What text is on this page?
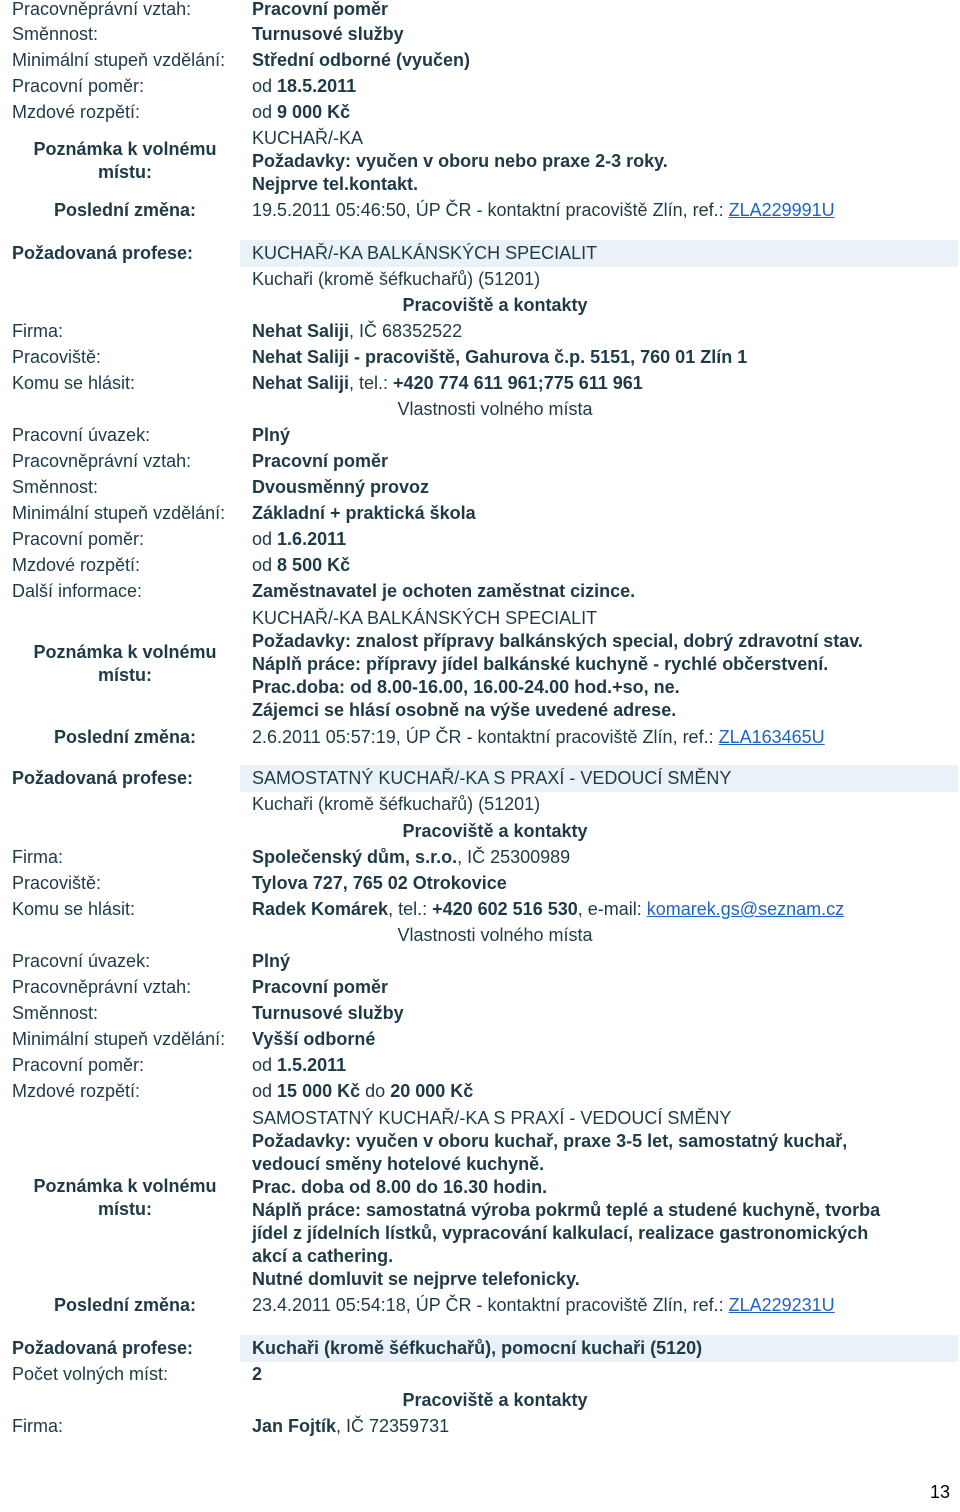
Pracovněprávní vztah:	Pracovní poměr
Směnnost:	Turnusové služby
Minimální stupeň vzdělání: Střední odborné (vyučen)
Pracovní poměr:	od 18.5.2011
Mzdové rozpětí:	od 9 000 Kč
Poznámka k volnému
místu:
KUCHAŘ/-KA
Požadavky: vyučen v oboru nebo praxe 2-3 roky.
Nejprve tel.kontakt.
Poslední změna:	19.5.2011 05:46:50, ÚP ČR - kontaktní pracoviště Zlín, ref.: ZLA229991U
Požadovaná profese:	KUCHAŘ/-KA BALKÁNSKÝCH SPECIALIT
Kuchaři (kromě šéfkuchařů) (51201)
Pracoviště a kontakty
Firma:	Nehat Saliji, IČ 68352522
Pracoviště:	Nehat Saliji - pracoviště, Gahurova č.p. 5151, 760 01 Zlín 1
Komu se hlásit:	Nehat Saliji, tel.: +420 774 611 961;775 611 961
Vlastnosti volného místa
Pracovní úvazek:	Plný
Pracovněprávní vztah:	Pracovní poměr
Směnnost:	Dvousměnný provoz
Minimální stupeň vzdělání: Základní + praktická škola
Pracovní poměr:	od 1.6.2011
Mzdové rozpětí:	od 8 500 Kč
Další informace:	Zaměstnavatel je ochoten zaměstnat cizince.
Poznámka k volnému
místu:
KUCHAŘ/-KA BALKÁNSKÝCH SPECIALIT
Požadavky: znalost přípravy balkánských special, dobrý zdravotní stav.
Náplň práce: přípravy jídel balkánské kuchyně - rychlé občerstvení.
Prac.doba: od 8.00-16.00, 16.00-24.00 hod.+so, ne.
Zájemci se hlásí osobně na výše uvedené adrese.
Poslední změna:	2.6.2011 05:57:19, ÚP ČR - kontaktní pracoviště Zlín, ref.: ZLA163465U
Požadovaná profese:	SAMOSTATNÝ KUCHAŘ/-KA S PRAXÍ - VEDOUCÍ SMĚNY
Kuchaři (kromě šéfkuchařů) (51201)
Pracoviště a kontakty
Firma:	Společenský dům, s.r.o., IČ 25300989
Pracoviště:	Tylova 727, 765 02 Otrokovice
Komu se hlásit:	Radek Komárek, tel.: +420 602 516 530, e-mail: komarek.gs@seznam.cz
Vlastnosti volného místa
Pracovní úvazek:	Plný
Pracovněprávní vztah:	Pracovní poměr
Směnnost:	Turnusové služby
Minimální stupeň vzdělání: Vyšší odborné
Pracovní poměr:	od 1.5.2011
Mzdové rozpětí:	od 15 000 Kč do 20 000 Kč
Poznámka k volnému
místu:
SAMOSTATNÝ KUCHAŘ/-KA S PRAXÍ - VEDOUCÍ SMĚNY
Požadavky: vyučen v oboru kuchař, praxe 3-5 let, samostatný kuchař,
vedoucí směny hotelové kuchyně.
Prac. doba od 8.00 do 16.30 hodin.
Náplň práce: samostatná výroba pokrmů teplé a studené kuchyně, tvorba
jídel z jídelních lístků, vypracování kalkulací, realizace gastronomických
akcí a cathering.
Nutné domluvit se nejprve telefonicky.
Poslední změna:	23.4.2011 05:54:18, ÚP ČR - kontaktní pracoviště Zlín, ref.: ZLA229231U
Požadovaná profese:	Kuchaři (kromě šéfkuchařů), pomocní kuchaři (5120)
Počet volných míst:	2
Pracoviště a kontakty
Firma:	Jan Fojtík, IČ 72359731
13
